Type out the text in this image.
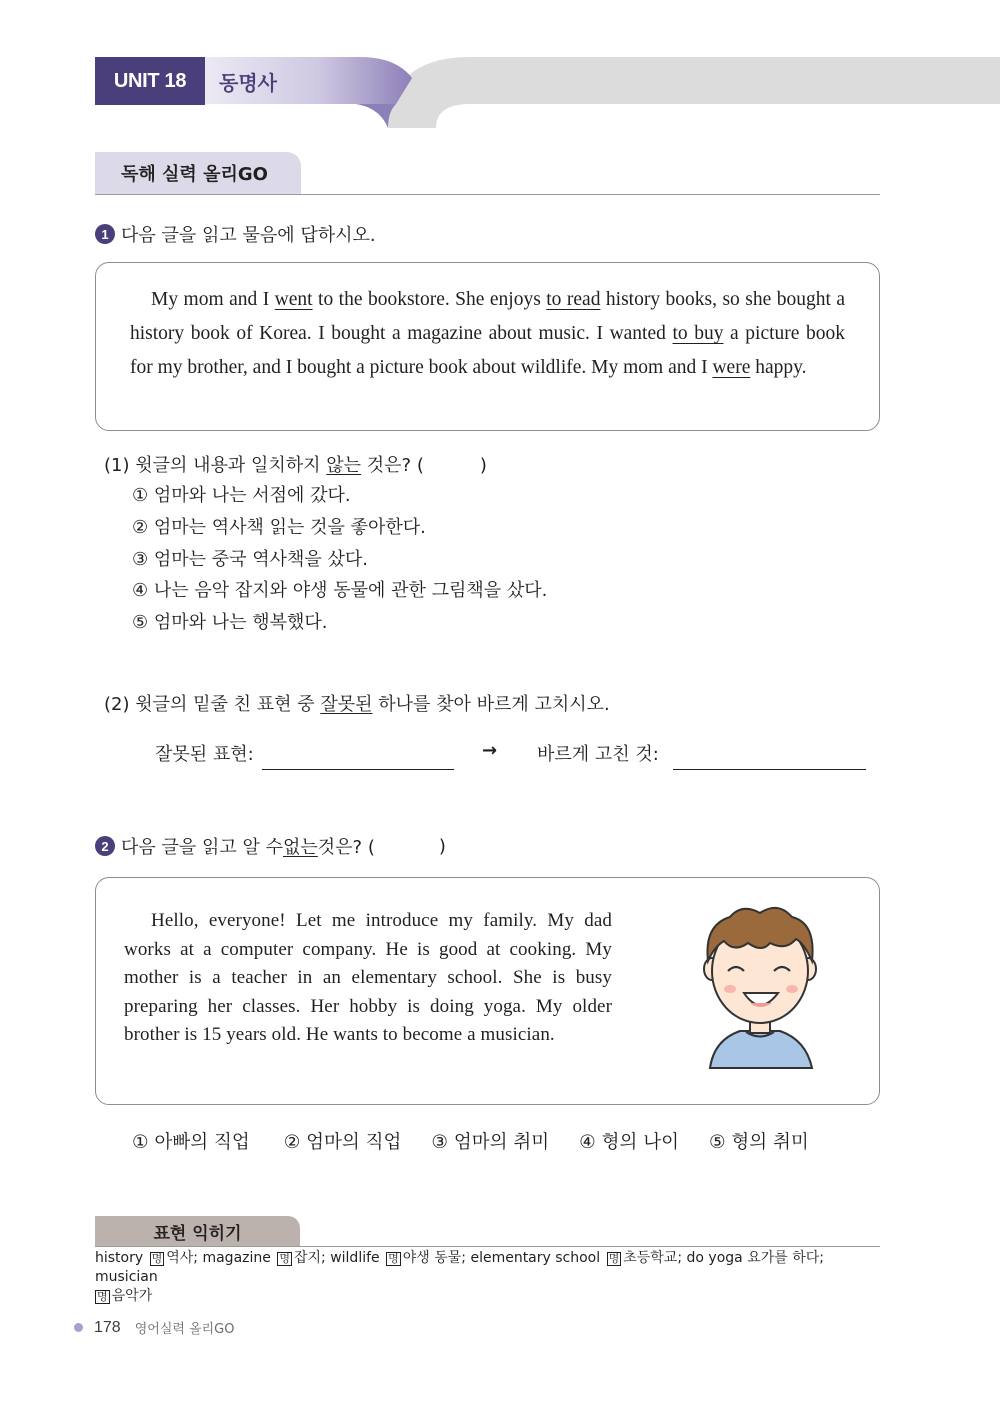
UNIT 18	동명사
독해 실력 올리GO
1 다음 글을 읽고 물음에 답하시오.

My mom and I went to the bookstore. She enjoys to read history books, so she bought a history book of Korea. I bought a magazine about music. I wanted to buy a picture book for my brother, and I bought a picture book about wildlife. My mom and I were happy.

(1) 윗글의 내용과 일치하지 않는 것은? (	)
① 엄마와 나는 서점에 갔다.
② 엄마는 역사책 읽는 것을 좋아한다.
③ 엄마는 중국 역사책을 샀다.
④ 나는 음악 잡지와 야생 동물에 관한 그림책을 샀다.
⑤ 엄마와 나는 행복했다.
(2) 윗글의 밑줄 친 표현 중 잘못된 하나를 찾아 바르게 고치시오.
잘못된 표현:	→ 바르게 고친 것:
2 다음 글을 읽고 알 수 없는 것은? (	)

Hello, everyone! Let me introduce my family. My dad works at a computer company. He is good at cooking. My mother is a teacher in an elementary school. She is busy preparing her classes. Her hobby is doing yoga. My older brother is 15 years old. He wants to become a musician.

① 아빠의 직업 ② 엄마의 직업 ③ 엄마의 취미 ④ 형의 나이 ⑤ 형의 취미
표현 익히기
history 명 역사; magazine 명 잡지; wildlife 명 야생 동물; elementary school 명 초등학교; do yoga 요가를 하다; musician
명 음악가
178 영어실력 올리GO
